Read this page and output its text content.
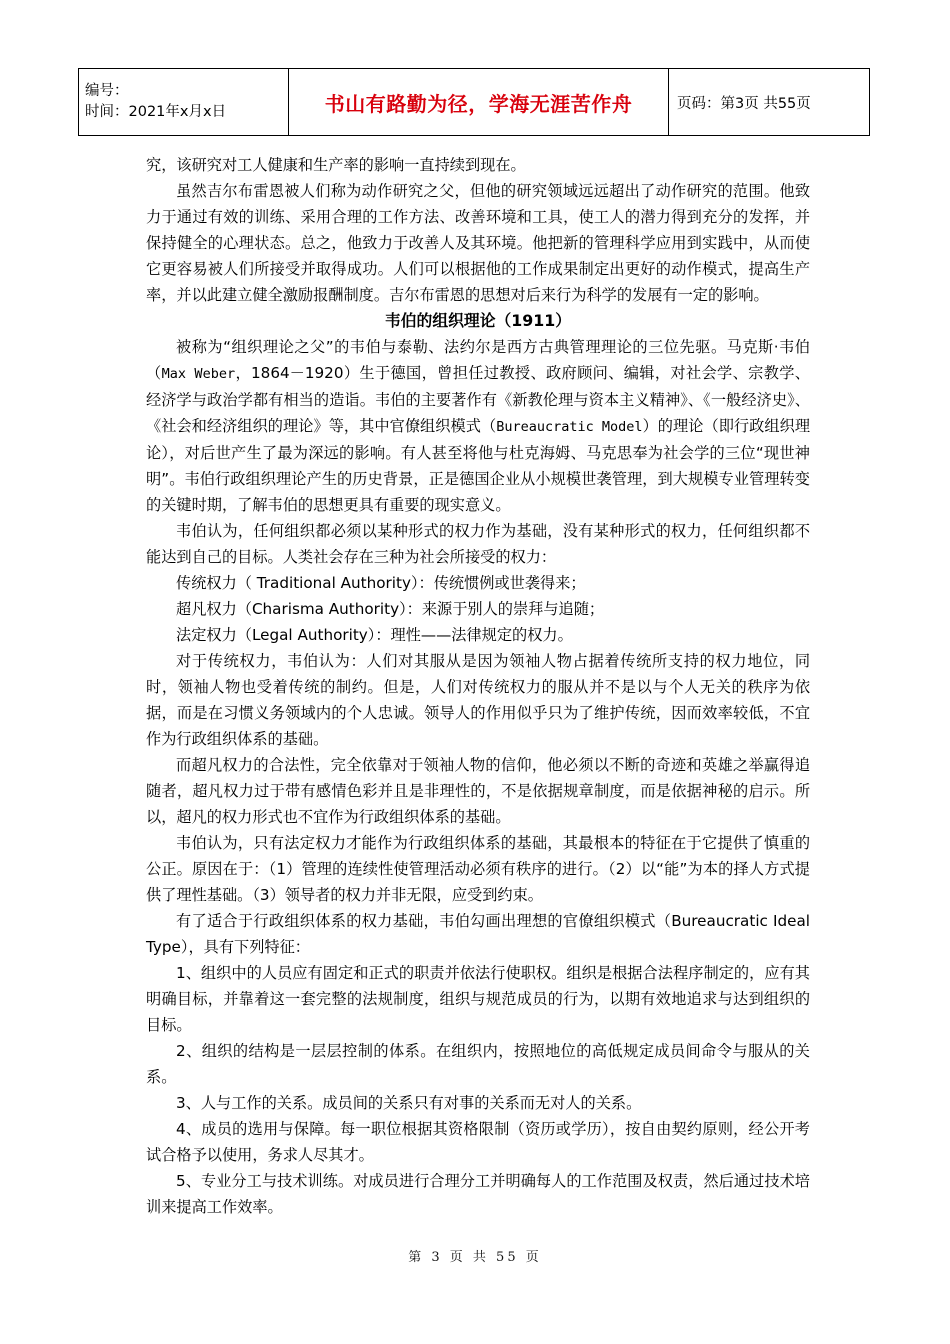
编号：
时间：2021年x月x日	书山有路勤为径，学海无涯苦作舟	页码：第3页 共55页

究，该研究对工人健康和生产率的影响一直持续到现在。

虽然吉尔布雷恩被人们称为动作研究之父，但他的研究领域远远超出了动作研究的范围。他致力于通过有效的训练、采用合理的工作方法、改善环境和工具，使工人的潜力得到充分的发挥，并保持健全的心理状态。总之，他致力于改善人及其环境。他把新的管理科学应用到实践中，从而使它更容易被人们所接受并取得成功。人们可以根据他的工作成果制定出更好的动作模式，提高生产率，并以此建立健全激励报酬制度。吉尔布雷恩的思想对后来行为科学的发展有一定的影响。

韦伯的组织理论（1911）

被称为“组织理论之父”的韦伯与泰勒、法约尔是西方古典管理理论的三位先驱。马克斯·韦伯（Max Weber，1864－1920）生于德国，曾担任过教授、政府顾问、编辑，对社会学、宗教学、经济学与政治学都有相当的造诣。韦伯的主要著作有《新教伦理与资本主义精神》、《一般经济史》、《社会和经济组织的理论》等，其中官僚组织模式（Bureaucratic Model）的理论（即行政组织理论），对后世产生了最为深远的影响。有人甚至将他与杜克海姆、马克思奉为社会学的三位“现世神明”。韦伯行政组织理论产生的历史背景，正是德国企业从小规模世袭管理，到大规模专业管理转变的关键时期，了解韦伯的思想更具有重要的现实意义。

韦伯认为，任何组织都必须以某种形式的权力作为基础，没有某种形式的权力，任何组织都不能达到自己的目标。人类社会存在三种为社会所接受的权力：

传统权力（ Traditional Authority）：传统惯例或世袭得来；

超凡权力（Charisma Authority）：来源于别人的崇拜与追随；

法定权力（Legal Authority）：理性——法律规定的权力。

对于传统权力，韦伯认为：人们对其服从是因为领袖人物占据着传统所支持的权力地位，同时，领袖人物也受着传统的制约。但是，人们对传统权力的服从并不是以与个人无关的秩序为依据，而是在习惯义务领域内的个人忠诚。领导人的作用似乎只为了维护传统，因而效率较低，不宜作为行政组织体系的基础。

而超凡权力的合法性，完全依靠对于领袖人物的信仰，他必须以不断的奇迹和英雄之举赢得追随者，超凡权力过于带有感情色彩并且是非理性的，不是依据规章制度，而是依据神秘的启示。所以，超凡的权力形式也不宜作为行政组织体系的基础。

韦伯认为，只有法定权力才能作为行政组织体系的基础，其最根本的特征在于它提供了慎重的公正。原因在于：（1）管理的连续性使管理活动必须有秩序的进行。（2）以“能”为本的择人方式提供了理性基础。（3）领导者的权力并非无限，应受到约束。

有了适合于行政组织体系的权力基础，韦伯勾画出理想的官僚组织模式（Bureaucratic Ideal Type），具有下列特征：

1、组织中的人员应有固定和正式的职责并依法行使职权。组织是根据合法程序制定的，应有其明确目标，并靠着这一套完整的法规制度，组织与规范成员的行为，以期有效地追求与达到组织的目标。

2、组织的结构是一层层控制的体系。在组织内，按照地位的高低规定成员间命令与服从的关系。

3、人与工作的关系。成员间的关系只有对事的关系而无对人的关系。

4、成员的选用与保障。每一职位根据其资格限制（资历或学历），按自由契约原则，经公开考试合格予以使用，务求人尽其才。

5、专业分工与技术训练。对成员进行合理分工并明确每人的工作范围及权责，然后通过技术培训来提高工作效率。

第 3 页 共 55 页
